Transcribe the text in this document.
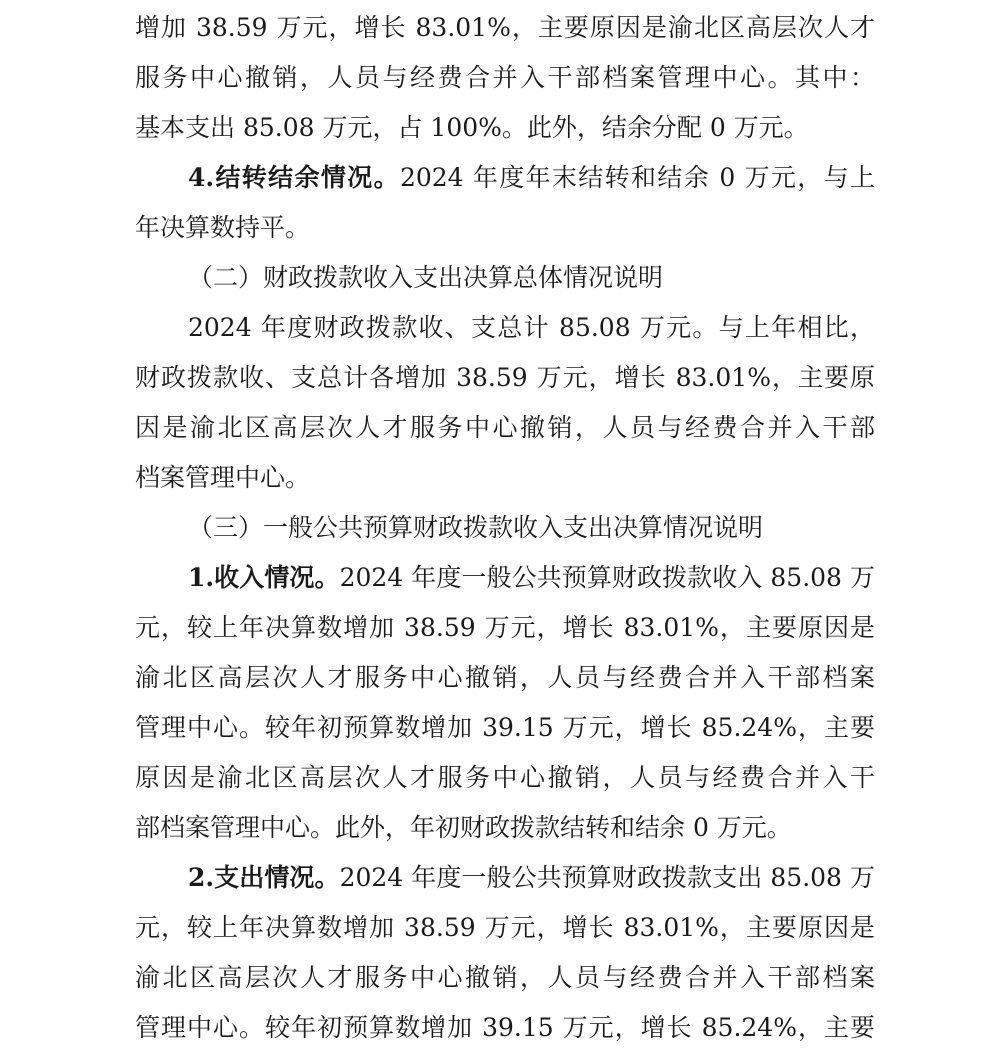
增加 38.59 万元，增长 83.01%，主要原因是渝北区高层次人才
服务中心撤销，人员与经费合并入干部档案管理中心。其中：
基本支出 85.08 万元，占 100%。此外，结余分配 0 万元。
4.结转结余情况。2024 年度年末结转和结余 0 万元，与上
年决算数持平。
（二）财政拨款收入支出决算总体情况说明
2024 年度财政拨款收、支总计 85.08 万元。与上年相比，
财政拨款收、支总计各增加 38.59 万元，增长 83.01%，主要原
因是渝北区高层次人才服务中心撤销，人员与经费合并入干部
档案管理中心。
（三）一般公共预算财政拨款收入支出决算情况说明
1.收入情况。2024 年度一般公共预算财政拨款收入 85.08 万
元，较上年决算数增加 38.59 万元，增长 83.01%，主要原因是
渝北区高层次人才服务中心撤销，人员与经费合并入干部档案
管理中心。较年初预算数增加 39.15 万元，增长 85.24%，主要
原因是渝北区高层次人才服务中心撤销，人员与经费合并入干
部档案管理中心。此外，年初财政拨款结转和结余 0 万元。
2.支出情况。2024 年度一般公共预算财政拨款支出 85.08 万
元，较上年决算数增加 38.59 万元，增长 83.01%，主要原因是
渝北区高层次人才服务中心撤销，人员与经费合并入干部档案
管理中心。较年初预算数增加 39.15 万元，增长 85.24%，主要
